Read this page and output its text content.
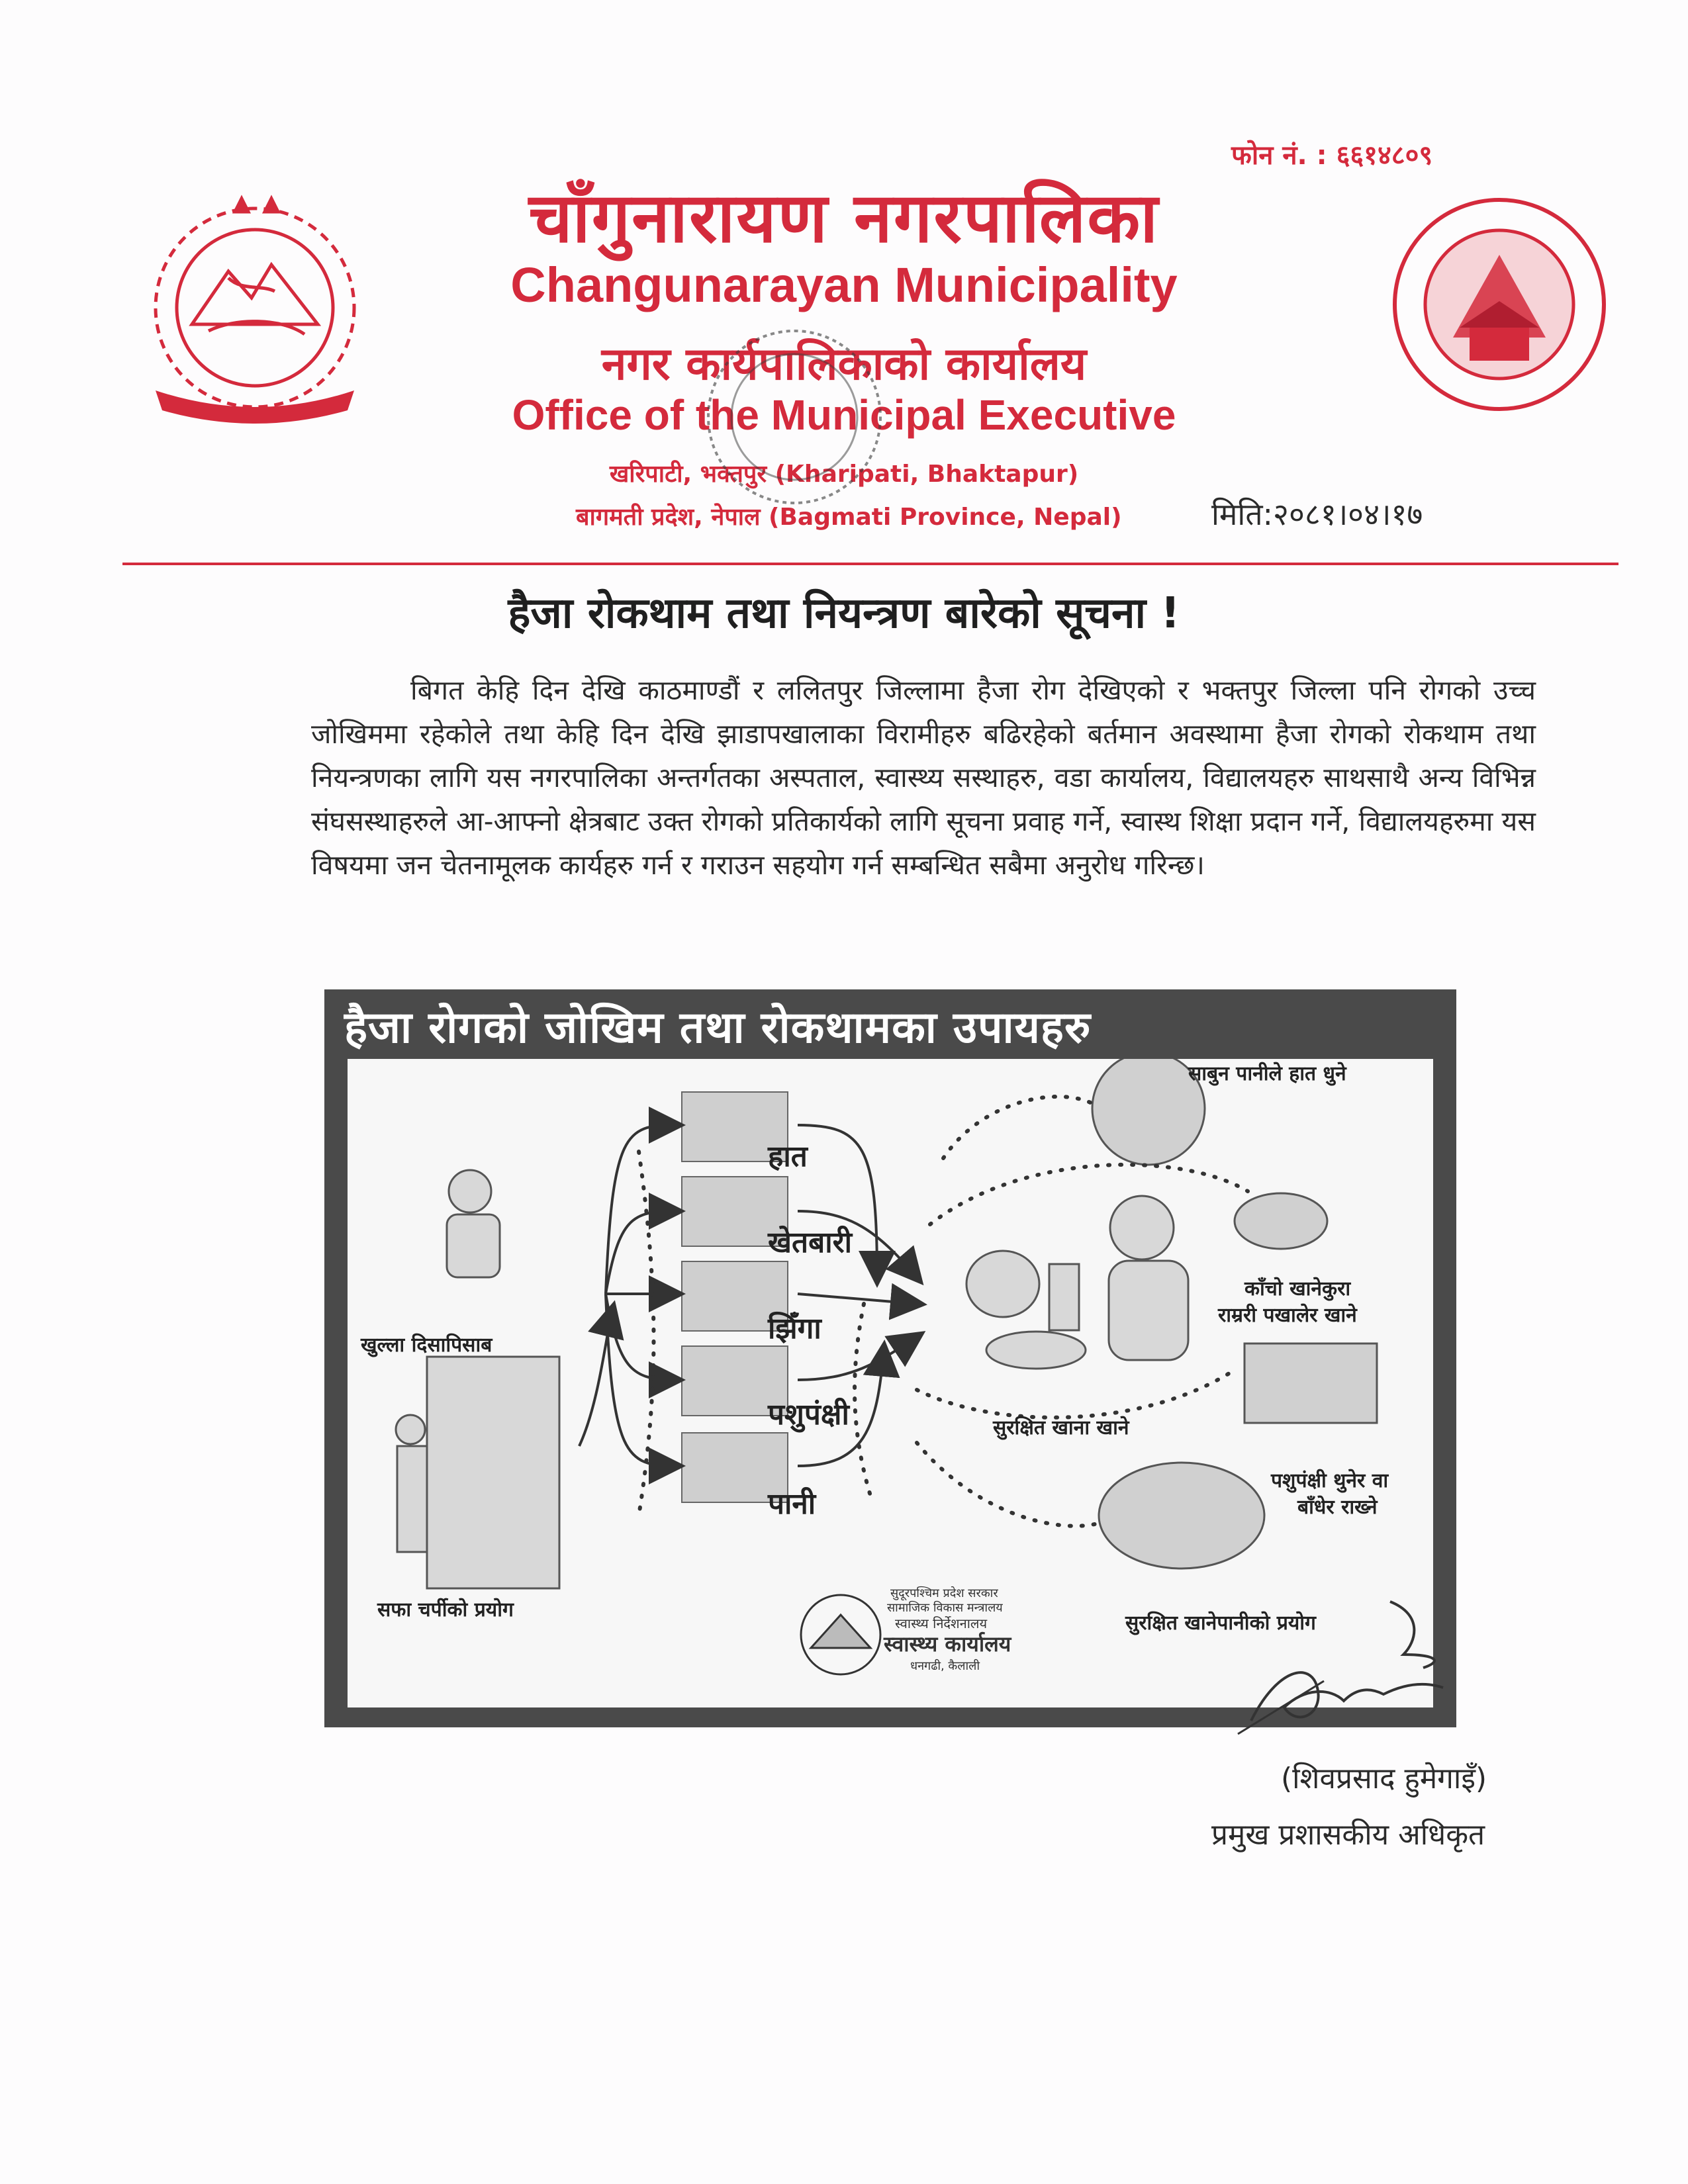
फोन नं. : ६६१४८०९
चाँगुनारायण नगरपालिका
Changunarayan Municipality
नगर कार्यपालिकाको कार्यालय
Office of the Municipal Executive
खरिपाटी, भक्तपुर (Kharipati, Bhaktapur)
बागमती प्रदेश, नेपाल (Bagmati Province, Nepal)	मिति:२०८१।०४।१७
हैजा रोकथाम तथा नियन्त्रण बारेको सूचना !
बिगत केहि दिन देखि काठमाण्डौं र ललितपुर जिल्लामा हैजा रोग देखिएको र भक्तपुर जिल्ला पनि रोगको उच्च जोखिममा रहेकोले तथा केहि दिन देखि झाडापखालाका विरामीहरु बढिरहेको बर्तमान अवस्थामा हैजा रोगको रोकथाम तथा नियन्त्रणका लागि यस नगरपालिका अन्तर्गतका अस्पताल, स्वास्थ्य सस्थाहरु, वडा कार्यालय, विद्यालयहरु साथसाथै अन्य विभिन्न संघसस्थाहरुले आ-आफ्नो क्षेत्रबाट उक्त रोगको प्रतिकार्यको लागि सूचना प्रवाह गर्ने, स्वास्थ शिक्षा प्रदान गर्ने, विद्यालयहरुमा यस विषयमा जन चेतनामूलक कार्यहरु गर्न र गराउन सहयोग गर्न सम्बन्धित सबैमा अनुरोध गरिन्छ।
हैजा रोगको जोखिम तथा रोकथामका उपायहरु
खुल्ला दिसापिसाब
सफा चर्पीको प्रयोग
हात
खेतबारी
झिँगा
पशुपंक्षी
पानी
सुरक्षित खाना खाने
साबुन पानीले हात धुने
काँचो खानेकुरा
राम्ररी पखालेर खाने
पशुपंक्षी थुनेर वा
बाँधेर राख्ने
सुरक्षित खानेपानीको प्रयोग
सुदूरपश्चिम प्रदेश सरकार
सामाजिक विकास मन्त्रालय
स्वास्थ्य निर्देशनालय
स्वास्थ्य कार्यालय
धनगढी, कैलाली
(शिवप्रसाद हुमेगाइँ)
प्रमुख प्रशासकीय अधिकृत
